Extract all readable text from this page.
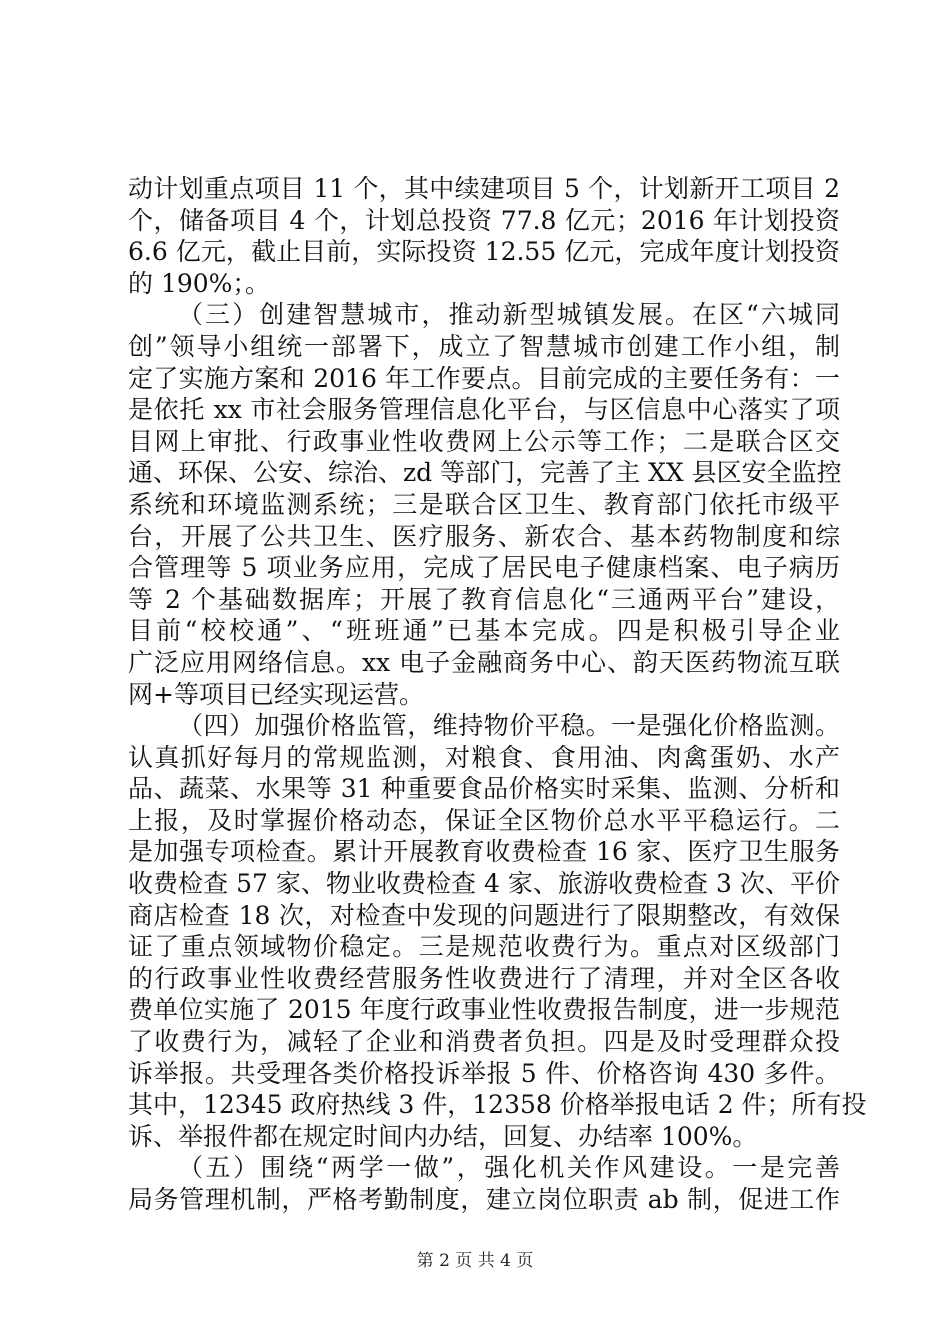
动计划重点项目 11 个，其中续建项目 5 个，计划新开工项目 2
个，储备项目 4 个，计划总投资 77.8 亿元；2016 年计划投资
6.6 亿元，截止目前，实际投资 12.55 亿元，完成年度计划投资
的 190%；。
（三）创建智慧城市，推动新型城镇发展。在区“六城同
创”领导小组统一部署下，成立了智慧城市创建工作小组，制
定了实施方案和 2016 年工作要点。目前完成的主要任务有：一
是依托 xx 市社会服务管理信息化平台，与区信息中心落实了项
目网上审批、行政事业性收费网上公示等工作；二是联合区交
通、环保、公安、综治、zd 等部门，完善了主 XX 县区安全监控
系统和环境监测系统；三是联合区卫生、教育部门依托市级平
台，开展了公共卫生、医疗服务、新农合、基本药物制度和综
合管理等 5 项业务应用，完成了居民电子健康档案、电子病历
等 2 个基础数据库；开展了教育信息化“三通两平台”建设，
目前“校校通”、“班班通”已基本完成。四是积极引导企业
广泛应用网络信息。xx 电子金融商务中心、韵天医药物流互联
网+等项目已经实现运营。
（四）加强价格监管，维持物价平稳。一是强化价格监测。
认真抓好每月的常规监测，对粮食、食用油、肉禽蛋奶、水产
品、蔬菜、水果等 31 种重要食品价格实时采集、监测、分析和
上报，及时掌握价格动态，保证全区物价总水平平稳运行。二
是加强专项检查。累计开展教育收费检查 16 家、医疗卫生服务
收费检查 57 家、物业收费检查 4 家、旅游收费检查 3 次、平价
商店检查 18 次，对检查中发现的问题进行了限期整改，有效保
证了重点领域物价稳定。三是规范收费行为。重点对区级部门
的行政事业性收费经营服务性收费进行了清理，并对全区各收
费单位实施了 2015 年度行政事业性收费报告制度，进一步规范
了收费行为，减轻了企业和消费者负担。四是及时受理群众投
诉举报。共受理各类价格投诉举报 5 件、价格咨询 430 多件。
其中，12345 政府热线 3 件，12358 价格举报电话 2 件；所有投
诉、举报件都在规定时间内办结，回复、办结率 100%。
（五）围绕“两学一做”，强化机关作风建设。一是完善
局务管理机制，严格考勤制度，建立岗位职责 ab 制，促进工作
第 2 页 共 4 页
